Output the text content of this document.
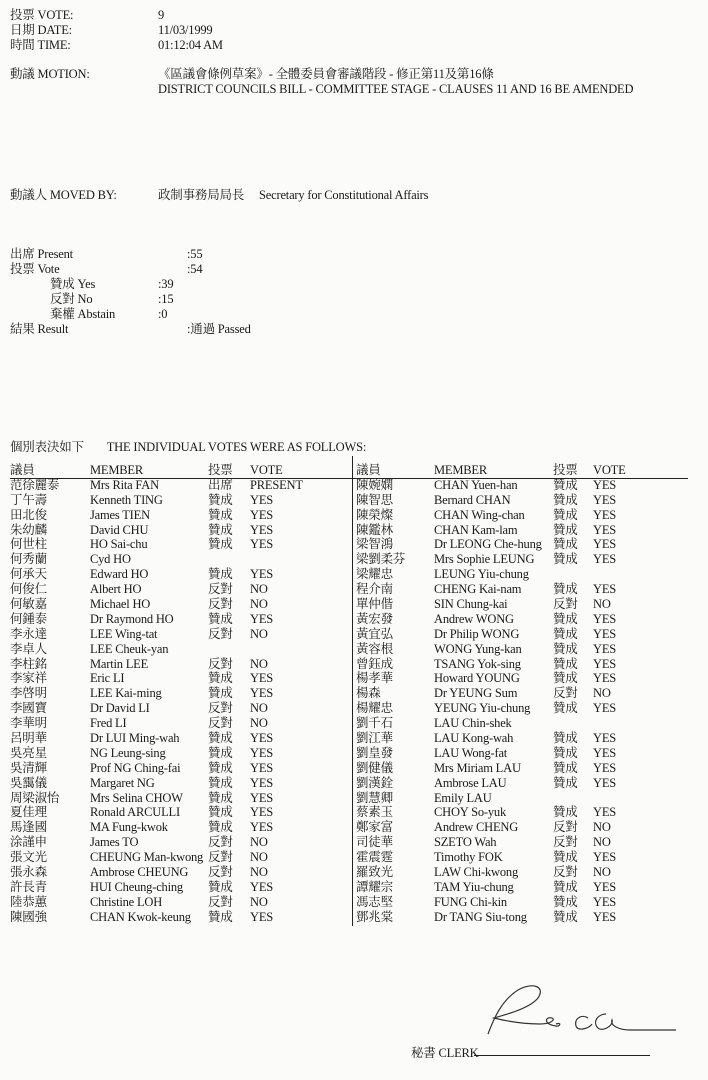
投票 VOTE:	9
日期 DATE:	11/03/1999
時間 TIME:	01:12:04 AM
動議 MOTION:	《區議會條例草案》- 全體委員會審議階段 - 修正第11及第16條
DISTRICT COUNCILS BILL - COMMITTEE STAGE - CLAUSES 11 AND 16 BE AMENDED
動議人 MOVED BY:	政制事務局局長 Secretary for Constitutional Affairs
出席 Present	:55
投票 Vote	:54
贊成 Yes	:39
反對 No	:15
棄權 Abstain	:0
結果 Result	:通過 Passed
個別表決如下 THE INDIVIDUAL VOTES WERE AS FOLLOWS:
議員	MEMBER	投票 VOTE
范徐麗泰 Mrs Rita FAN	出席 PRESENT
丁午壽	Kenneth TING	贊成 YES
田北俊	James TIEN	贊成 YES
朱幼麟	David CHU	贊成 YES
何世柱	HO Sai-chu	贊成 YES
何秀蘭	Cyd HO
何承天	Edward HO	贊成 YES
何俊仁	Albert HO	反對 NO
何敏嘉	Michael HO	反對 NO
何鍾泰	Dr Raymond HO	贊成 YES
李永達	LEE Wing-tat	反對 NO
李卓人	LEE Cheuk-yan
李柱銘	Martin LEE	反對 NO
李家祥	Eric LI	贊成 YES
李啓明	LEE Kai-ming	贊成 YES
李國寶	Dr David LI	反對 NO
李華明	Fred LI	反對 NO
呂明華	Dr LUI Ming-wah 贊成 YES
吳亮星	NG Leung-sing	贊成 YES
吳清輝	Prof NG Ching-fai 贊成 YES
吳靄儀	Margaret NG	贊成 YES
周梁淑怡 Mrs Selina CHOW 贊成 YES
夏佳理	Ronald ARCULLI 贊成 YES
馬逢國	MA Fung-kwok	贊成 YES
涂謹申	James TO	反對 NO
張文光	CHEUNG Man-kwong 反對 NO
張永森	Ambrose CHEUNG 反對 NO
許長青	HUI Cheung-ching 贊成 YES
陸恭蕙	Christine LOH	反對 NO
陳國強	CHAN Kwok-keung 贊成 YES
議員	MEMBER	投票 VOTE
陳婉嫻	CHAN Yuen-han	贊成 YES
陳智思	Bernard CHAN	贊成 YES
陳榮燦	CHAN Wing-chan 贊成 YES
陳鑑林	CHAN Kam-lam	贊成 YES
梁智鴻	Dr LEONG Che-hung 贊成 YES
梁劉柔芬 Mrs Sophie LEUNG 贊成 YES
梁耀忠	LEUNG Yiu-chung
程介南	CHENG Kai-nam	贊成 YES
單仲偕	SIN Chung-kai	反對 NO
黃宏發	Andrew WONG	贊成 YES
黃宜弘	Dr Philip WONG	贊成 YES
黃容根	WONG Yung-kan	贊成 YES
曾鈺成	TSANG Yok-sing	贊成 YES
楊孝華	Howard YOUNG	贊成 YES
楊森	Dr YEUNG Sum	反對 NO
楊耀忠	YEUNG Yiu-chung 贊成 YES
劉千石	LAU Chin-shek
劉江華	LAU Kong-wah	贊成 YES
劉皇發	LAU Wong-fat	贊成 YES
劉健儀	Mrs Miriam LAU	贊成 YES
劉漢銓	Ambrose LAU	贊成 YES
劉慧卿	Emily LAU
蔡素玉	CHOY So-yuk	贊成 YES
鄭家富	Andrew CHENG	反對 NO
司徒華	SZETO Wah	反對 NO
霍震霆	Timothy FOK	贊成 YES
羅致光	LAW Chi-kwong	反對 NO
譚耀宗	TAM Yiu-chung	贊成 YES
馮志堅	FUNG Chi-kin	贊成 YES
鄧兆棠	Dr TANG Siu-tong 贊成 YES
秘書 CLERK
